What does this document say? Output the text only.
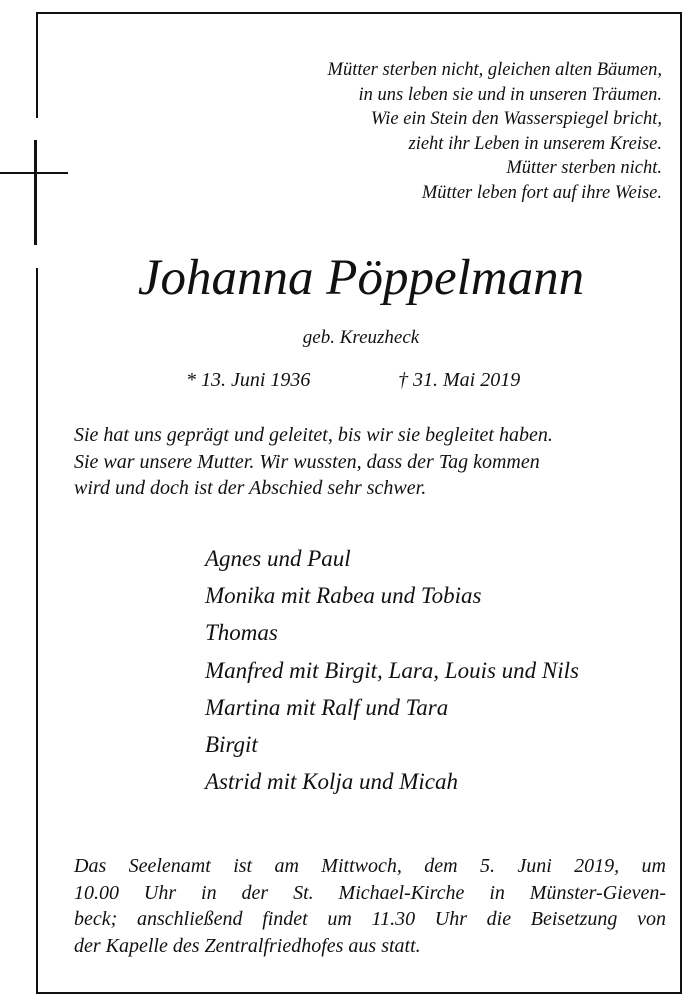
Mütter sterben nicht, gleichen alten Bäumen,
in uns leben sie und in unseren Träumen.
Wie ein Stein den Wasserspiegel bricht,
zieht ihr Leben in unserem Kreise.
Mütter sterben nicht.
Mütter leben fort auf ihre Weise.
Johanna Pöppelmann
geb. Kreuzheck
* 13. Juni 1936	† 31. Mai 2019
Sie hat uns geprägt und geleitet, bis wir sie begleitet haben.
Sie war unsere Mutter. Wir wussten, dass der Tag kommen
wird und doch ist der Abschied sehr schwer.
Agnes und Paul
Monika mit Rabea und Tobias
Thomas
Manfred mit Birgit, Lara, Louis und Nils
Martina mit Ralf und Tara
Birgit
Astrid mit Kolja und Micah
Das Seelenamt ist am Mittwoch, dem 5. Juni 2019, um
10.00 Uhr in der St. Michael-Kirche in Münster-Gieven-
beck; anschließend findet um 11.30 Uhr die Beisetzung von
der Kapelle des Zentralfriedhofes aus statt.
